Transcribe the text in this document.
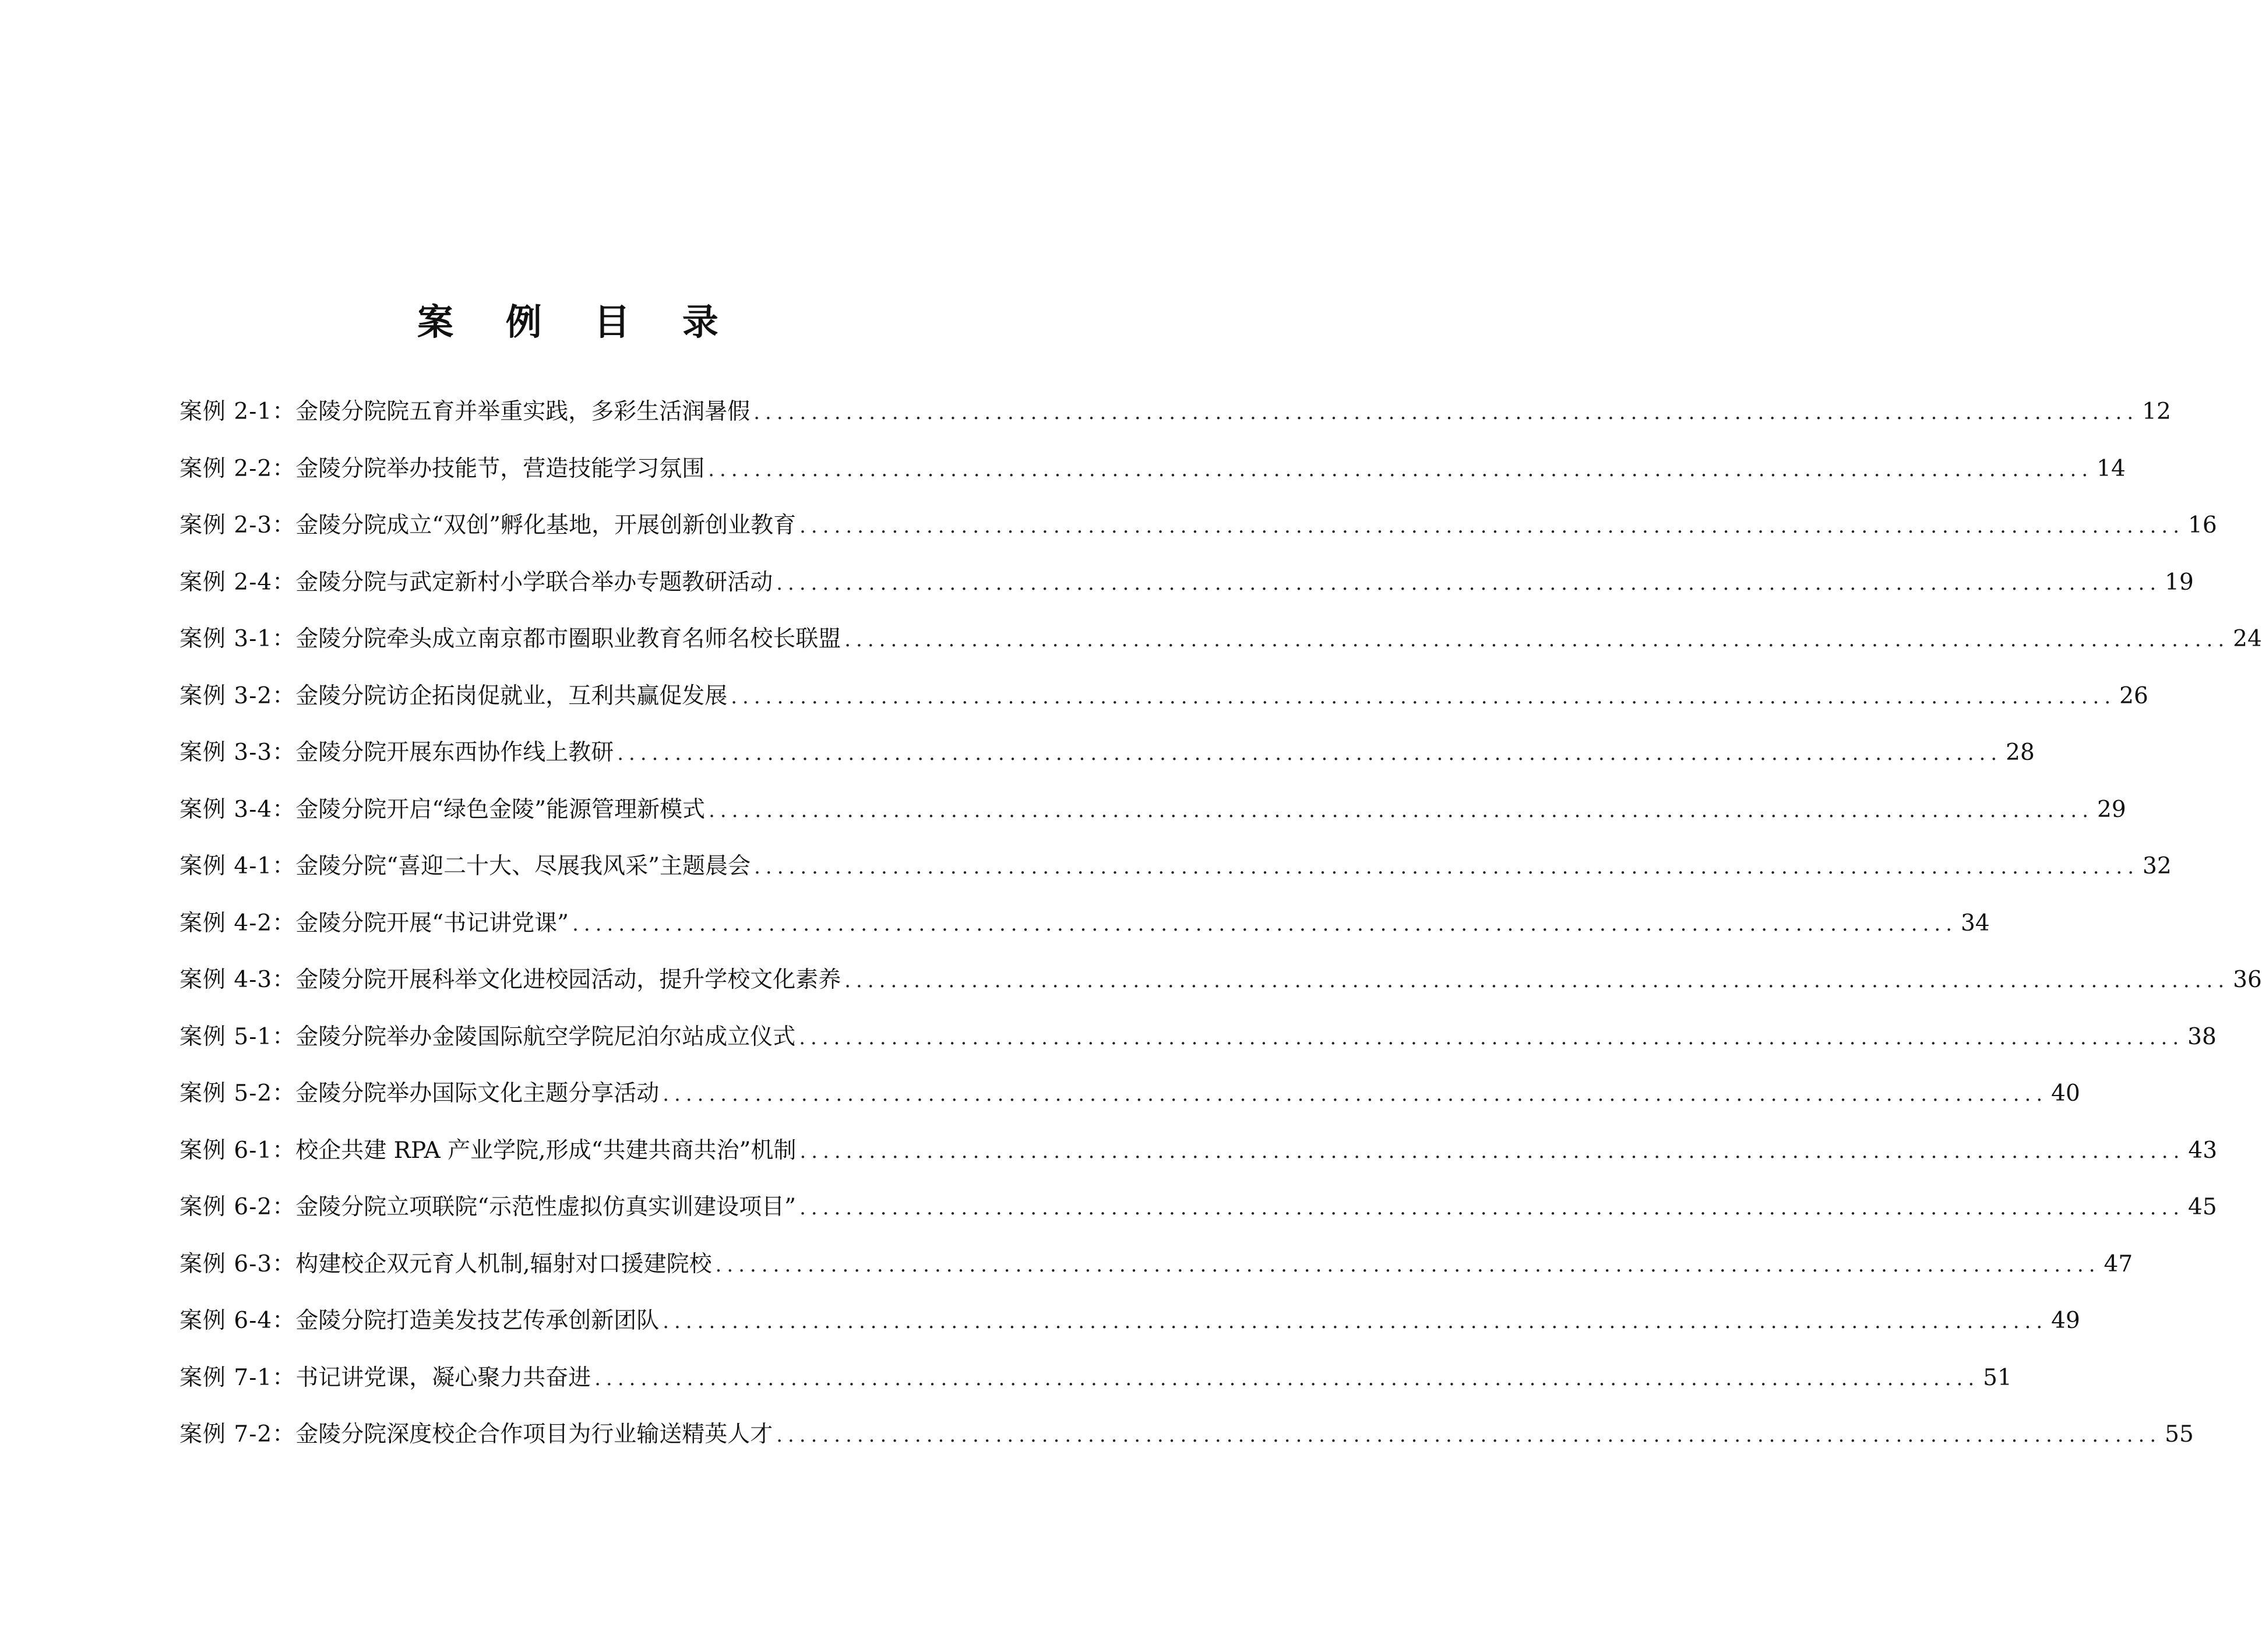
案 例 目 录
案例 2-1： 金陵分院院五育并举重实践，多彩生活润暑假 ........................................................................................................................ 12
案例 2-2： 金陵分院举办技能节，营造技能学习氛围 ........................................................................................................................ 14
案例 2-3： 金陵分院成立“双创”孵化基地，开展创新创业教育 ........................................................................................................................ 16
案例 2-4： 金陵分院与武定新村小学联合举办专题教研活动 ........................................................................................................................ 19
案例 3-1： 金陵分院牵头成立南京都市圈职业教育名师名校长联盟 ........................................................................................................................ 24
案例 3-2： 金陵分院访企拓岗促就业，互利共赢促发展 ........................................................................................................................ 26
案例 3-3： 金陵分院开展东西协作线上教研 ........................................................................................................................ 28
案例 3-4： 金陵分院开启“绿色金陵”能源管理新模式 ........................................................................................................................ 29
案例 4-1： 金陵分院“喜迎二十大、尽展我风采”主题晨会 ........................................................................................................................ 32
案例 4-2： 金陵分院开展“书记讲党课” ........................................................................................................................ 34
案例 4-3： 金陵分院开展科举文化进校园活动，提升学校文化素养 ........................................................................................................................ 36
案例 5-1： 金陵分院举办金陵国际航空学院尼泊尔站成立仪式 ........................................................................................................................ 38
案例 5-2： 金陵分院举办国际文化主题分享活动 ........................................................................................................................ 40
案例 6-1： 校企共建 RPA 产业学院,形成“共建共商共治”机制 ........................................................................................................................ 43
案例 6-2： 金陵分院立项联院“示范性虚拟仿真实训建设项目” ........................................................................................................................ 45
案例 6-3： 构建校企双元育人机制,辐射对口援建院校 ........................................................................................................................ 47
案例 6-4： 金陵分院打造美发技艺传承创新团队 ........................................................................................................................ 49
案例 7-1： 书记讲党课，凝心聚力共奋进 ........................................................................................................................ 51
案例 7-2： 金陵分院深度校企合作项目为行业输送精英人才 ........................................................................................................................ 55
